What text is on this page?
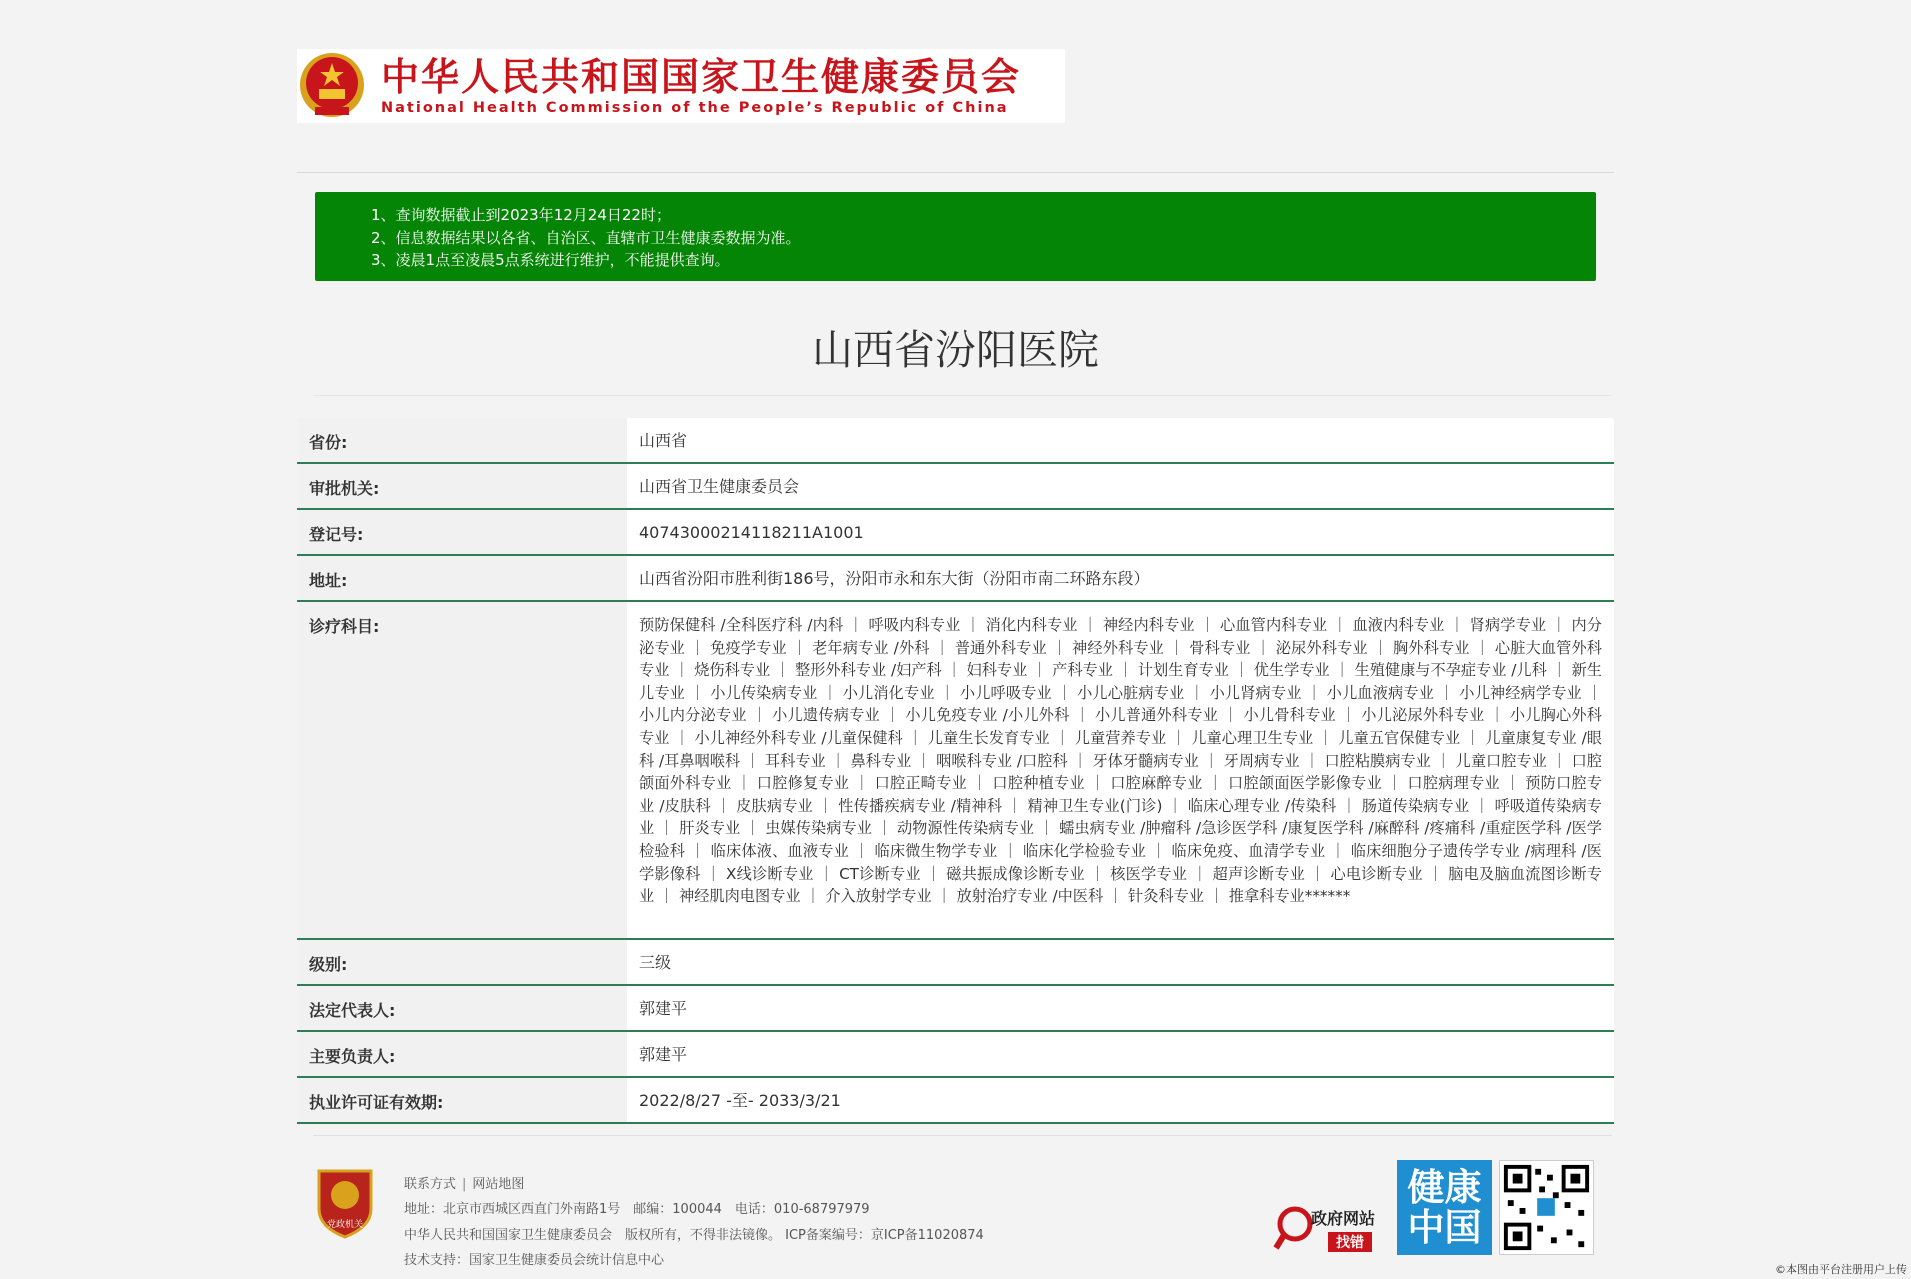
中华人民共和国国家卫生健康委员会
National Health Commission of the People’s Republic of China
1、查询数据截止到2023年12月24日22时；
2、信息数据结果以各省、自治区、直辖市卫生健康委数据为准。
3、凌晨1点至凌晨5点系统进行维护，不能提供查询。
山西省汾阳医院
省份:	山西省
审批机关:	山西省卫生健康委员会
登记号:	40743000214118211A1001
地址:	山西省汾阳市胜利街186号，汾阳市永和东大街（汾阳市南二环路东段）
诊疗科目:	预防保健科 /全科医疗科 /内科 ｜ 呼吸内科专业 ｜ 消化内科专业 ｜ 神经内科专业 ｜ 心血管内科专业 ｜ 血液内科专业 ｜ 肾病学专业 ｜ 内分泌专业 ｜ 免疫学专业 ｜ 老年病专业 /外科 ｜ 普通外科专业 ｜ 神经外科专业 ｜ 骨科专业 ｜ 泌尿外科专业 ｜ 胸外科专业 ｜ 心脏大血管外科专业 ｜ 烧伤科专业 ｜ 整形外科专业 /妇产科 ｜ 妇科专业 ｜ 产科专业 ｜ 计划生育专业 ｜ 优生学专业 ｜ 生殖健康与不孕症专业 /儿科 ｜ 新生儿专业 ｜ 小儿传染病专业 ｜ 小儿消化专业 ｜ 小儿呼吸专业 ｜ 小儿心脏病专业 ｜ 小儿肾病专业 ｜ 小儿血液病专业 ｜ 小儿神经病学专业 ｜ 小儿内分泌专业 ｜ 小儿遗传病专业 ｜ 小儿免疫专业 /小儿外科 ｜ 小儿普通外科专业 ｜ 小儿骨科专业 ｜ 小儿泌尿外科专业 ｜ 小儿胸心外科专业 ｜ 小儿神经外科专业 /儿童保健科 ｜ 儿童生长发育专业 ｜ 儿童营养专业 ｜ 儿童心理卫生专业 ｜ 儿童五官保健专业 ｜ 儿童康复专业 /眼科 /耳鼻咽喉科 ｜ 耳科专业 ｜ 鼻科专业 ｜ 咽喉科专业 /口腔科 ｜ 牙体牙髓病专业 ｜ 牙周病专业 ｜ 口腔粘膜病专业 ｜ 儿童口腔专业 ｜ 口腔颌面外科专业 ｜ 口腔修复专业 ｜ 口腔正畸专业 ｜ 口腔种植专业 ｜ 口腔麻醉专业 ｜ 口腔颌面医学影像专业 ｜ 口腔病理专业 ｜ 预防口腔专业 /皮肤科 ｜ 皮肤病专业 ｜ 性传播疾病专业 /精神科 ｜ 精神卫生专业(门诊) ｜ 临床心理专业 /传染科 ｜ 肠道传染病专业 ｜ 呼吸道传染病专业 ｜ 肝炎专业 ｜ 虫媒传染病专业 ｜ 动物源性传染病专业 ｜ 蠕虫病专业 /肿瘤科 /急诊医学科 /康复医学科 /麻醉科 /疼痛科 /重症医学科 /医学检验科 ｜ 临床体液、血液专业 ｜ 临床微生物学专业 ｜ 临床化学检验专业 ｜ 临床免疫、血清学专业 ｜ 临床细胞分子遗传学专业 /病理科 /医学影像科 ｜ X线诊断专业 ｜ CT诊断专业 ｜ 磁共振成像诊断专业 ｜ 核医学专业 ｜ 超声诊断专业 ｜ 心电诊断专业 ｜ 脑电及脑血流图诊断专业 ｜ 神经肌肉电图专业 ｜ 介入放射学专业 ｜ 放射治疗专业 /中医科 ｜ 针灸科专业 ｜ 推拿科专业******
级别:	三级
法定代表人:	郭建平
主要负责人:	郭建平
执业许可证有效期:	2022/8/27 -至- 2033/3/21
党政机关
联系方式 | 网站地图
地址：北京市西城区西直门外南路1号　邮编：100044　电话：010-68797979
中华人民共和国国家卫生健康委员会　版权所有，不得非法镜像。 ICP备案编号：京ICP备11020874
技术支持：国家卫生健康委员会统计信息中心
政府网站
找错
健康
中国
©本图由平台注册用户上传
